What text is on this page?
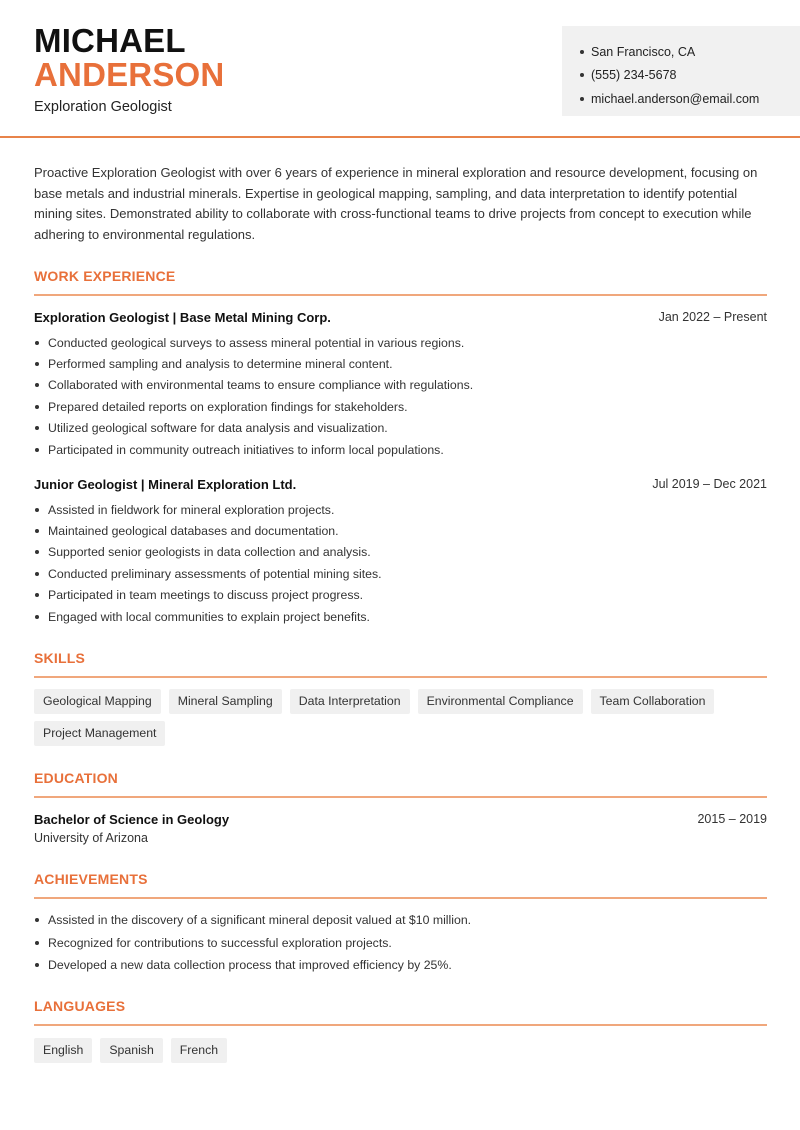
MICHAEL
ANDERSON
Exploration Geologist
San Francisco, CA
(555) 234-5678
michael.anderson@email.com

Proactive Exploration Geologist with over 6 years of experience in mineral exploration and resource development, focusing on base metals and industrial minerals. Expertise in geological mapping, sampling, and data interpretation to identify potential mining sites. Demonstrated ability to collaborate with cross-functional teams to drive projects from concept to execution while adhering to environmental regulations.

WORK EXPERIENCE
Exploration Geologist | Base Metal Mining Corp.	Jan 2022 – Present
Conducted geological surveys to assess mineral potential in various regions.
Performed sampling and analysis to determine mineral content.
Collaborated with environmental teams to ensure compliance with regulations.
Prepared detailed reports on exploration findings for stakeholders.
Utilized geological software for data analysis and visualization.
Participated in community outreach initiatives to inform local populations.
Junior Geologist | Mineral Exploration Ltd.	Jul 2019 – Dec 2021
Assisted in fieldwork for mineral exploration projects.
Maintained geological databases and documentation.
Supported senior geologists in data collection and analysis.
Conducted preliminary assessments of potential mining sites.
Participated in team meetings to discuss project progress.
Engaged with local communities to explain project benefits.
SKILLS
Geological Mapping	Mineral Sampling	Data Interpretation	Environmental Compliance	Team Collaboration
Project Management
EDUCATION
Bachelor of Science in Geology	2015 – 2019
University of Arizona
ACHIEVEMENTS
Assisted in the discovery of a significant mineral deposit valued at $10 million.
Recognized for contributions to successful exploration projects.
Developed a new data collection process that improved efficiency by 25%.
LANGUAGES
English	Spanish	French
